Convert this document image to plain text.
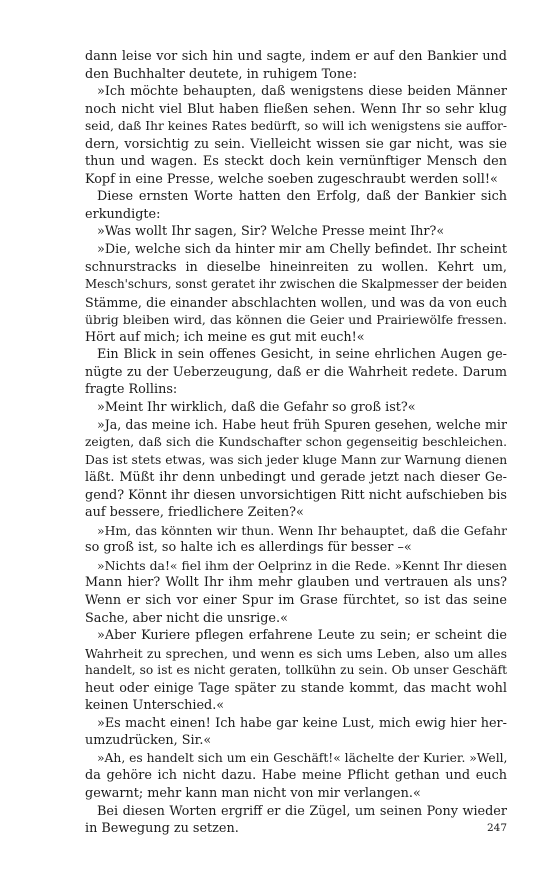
dann leise vor sich hin und sagte, indem er auf den Bankier und
den Buchhalter deutete, in ruhigem Tone:
»Ich möchte behaupten, daß wenigstens diese beiden Männer
noch nicht viel Blut haben fließen sehen. Wenn Ihr so sehr klug
seid, daß Ihr keines Rates bedürft, so will ich wenigstens sie auffor-
dern, vorsichtig zu sein. Vielleicht wissen sie gar nicht, was sie
thun und wagen. Es steckt doch kein vernünftiger Mensch den
Kopf in eine Presse, welche soeben zugeschraubt werden soll!«
Diese ernsten Worte hatten den Erfolg, daß der Bankier sich
erkundigte:
»Was wollt Ihr sagen, Sir? Welche Presse meint Ihr?«
»Die, welche sich da hinter mir am Chelly befindet. Ihr scheint
schnurstracks in dieselbe hineinreiten zu wollen. Kehrt um,
Mesch'schurs, sonst geratet ihr zwischen die Skalpmesser der beiden
Stämme, die einander abschlachten wollen, und was da von euch
übrig bleiben wird, das können die Geier und Prairiewölfe fressen.
Hört auf mich; ich meine es gut mit euch!«
Ein Blick in sein offenes Gesicht, in seine ehrlichen Augen ge-
nügte zu der Ueberzeugung, daß er die Wahrheit redete. Darum
fragte Rollins:
»Meint Ihr wirklich, daß die Gefahr so groß ist?«
»Ja, das meine ich. Habe heut früh Spuren gesehen, welche mir
zeigten, daß sich die Kundschafter schon gegenseitig beschleichen.
Das ist stets etwas, was sich jeder kluge Mann zur Warnung dienen
läßt. Müßt ihr denn unbedingt und gerade jetzt nach dieser Ge-
gend? Könnt ihr diesen unvorsichtigen Ritt nicht aufschieben bis
auf bessere, friedlichere Zeiten?«
»Hm, das könnten wir thun. Wenn Ihr behauptet, daß die Gefahr
so groß ist, so halte ich es allerdings für besser –«
»Nichts da!« fiel ihm der Oelprinz in die Rede. »Kennt Ihr diesen
Mann hier? Wollt Ihr ihm mehr glauben und vertrauen als uns?
Wenn er sich vor einer Spur im Grase fürchtet, so ist das seine
Sache, aber nicht die unsrige.«
»Aber Kuriere pflegen erfahrene Leute zu sein; er scheint die
Wahrheit zu sprechen, und wenn es sich ums Leben, also um alles
handelt, so ist es nicht geraten, tollkühn zu sein. Ob unser Geschäft
heut oder einige Tage später zu stande kommt, das macht wohl
keinen Unterschied.«
»Es macht einen! Ich habe gar keine Lust, mich ewig hier her-
umzudrücken, Sir.«
»Ah, es handelt sich um ein Geschäft!« lächelte der Kurier. »Well,
da gehöre ich nicht dazu. Habe meine Pflicht gethan und euch
gewarnt; mehr kann man nicht von mir verlangen.«
Bei diesen Worten ergriff er die Zügel, um seinen Pony wieder
in Bewegung zu setzen.	247
